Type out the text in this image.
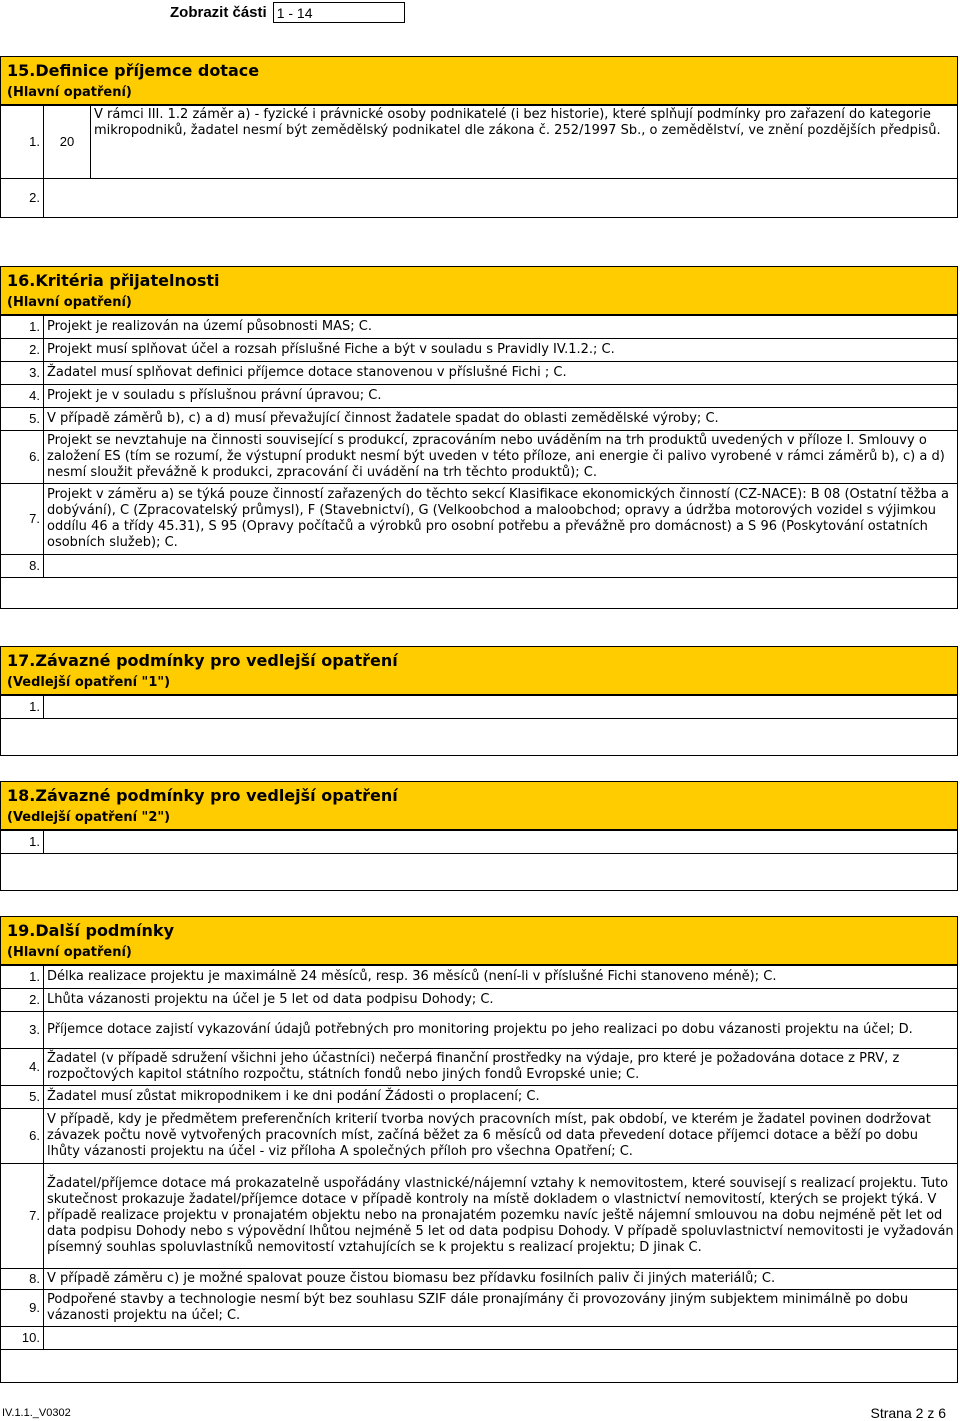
Zobrazit části 1 - 14
15.Definice příjemce dotace
(Hlavní opatření)
1.	20	V rámci III. 1.2 záměr a) - fyzické i právnické osoby podnikatelé (i bez historie), které splňují podmínky pro zařazení do kategorie mikropodniků, žadatel nesmí být zemědělský podnikatel dle zákona č. 252/1997 Sb., o zemědělství, ve znění pozdějších předpisů.
2.		
16.Kritéria přijatelnosti
(Hlavní opatření)
1.	Projekt je realizován na území působnosti MAS; C.
2.	Projekt musí splňovat účel a rozsah příslušné Fiche a být v souladu s Pravidly IV.1.2.; C.
3.	Žadatel musí splňovat definici příjemce dotace stanovenou v příslušné Fichi ; C.
4.	Projekt je v souladu s příslušnou právní úpravou; C.
5.	V případě záměrů b), c) a d) musí převažující činnost žadatele spadat do oblasti zemědělské výroby; C.
6.	Projekt se nevztahuje na činnosti související s produkcí, zpracováním nebo uváděním na trh produktů uvedených v příloze I. Smlouvy o založení ES (tím se rozumí, že výstupní produkt nesmí být uveden v této příloze, ani energie či palivo vyrobené v rámci záměrů b), c) a d) nesmí sloužit převážně k produkci, zpracování či uvádění na trh těchto produktů); C.
7.	Projekt v záměru a) se týká pouze činností zařazených do těchto sekcí Klasifikace ekonomických činností (CZ-NACE): B 08 (Ostatní těžba a dobývání), C (Zpracovatelský průmysl), F (Stavebnictví), G (Velkoobchod a maloobchod; opravy a údržba motorových vozidel s výjimkou oddílu 46 a třídy 45.31), S 95 (Opravy počítačů a výrobků pro osobní potřebu a převážně pro domácnost) a S 96 (Poskytování ostatních osobních služeb); C.
8.	

17.Závazné podmínky pro vedlejší opatření
(Vedlejší opatření "1")
1.	

18.Závazné podmínky pro vedlejší opatření
(Vedlejší opatření "2")
1.	

19.Další podmínky
(Hlavní opatření)
1.	Délka realizace projektu je maximálně 24 měsíců, resp. 36 měsíců (není-li v příslušné Fichi stanoveno méně); C.
2.	Lhůta vázanosti projektu na účel je 5 let od data podpisu Dohody; C.
3.	Příjemce dotace zajistí vykazování údajů potřebných pro monitoring projektu po jeho realizaci po dobu vázanosti projektu na účel; D.
4.	Žadatel (v případě sdružení všichni jeho účastníci) nečerpá finanční prostředky na výdaje, pro které je požadována dotace z PRV, z rozpočtových kapitol státního rozpočtu, státních fondů nebo jiných fondů Evropské unie; C.
5.	Žadatel musí zůstat mikropodnikem i ke dni podání Žádosti o proplacení; C.
6.	V případě, kdy je předmětem preferenčních kriterií tvorba nových pracovních míst, pak období, ve kterém je žadatel povinen dodržovat závazek počtu nově vytvořených pracovních míst, začíná běžet za 6 měsíců od data převedení dotace příjemci dotace a běží po dobu lhůty vázanosti projektu na účel - viz příloha A společných příloh pro všechna Opatření; C.
7.	Žadatel/příjemce dotace má prokazatelně uspořádány vlastnické/nájemní vztahy k nemovitostem, které souvisejí s realizací projektu. Tuto skutečnost prokazuje žadatel/příjemce dotace v případě kontroly na místě dokladem o vlastnictví nemovitostí, kterých se projekt týká. V případě realizace projektu v pronajatém objektu nebo na pronajatém pozemku navíc ještě nájemní smlouvou na dobu nejméně pět let od data podpisu Dohody nebo s výpovědní lhůtou nejméně 5 let od data podpisu Dohody. V případě spoluvlastnictví nemovitosti je vyžadován písemný souhlas spoluvlastníků nemovitostí vztahujících se k projektu s realizací projektu; D jinak C.
8.	V případě záměru c) je možné spalovat pouze čistou biomasu bez přídavku fosilních paliv či jiných materiálů; C.
9.	Podpořené stavby a technologie nesmí být bez souhlasu SZIF dále pronajímány či provozovány jiným subjektem minimálně po dobu vázanosti projektu na účel; C.
10.	

IV.1.1._V0302	Strana 2 z 6
